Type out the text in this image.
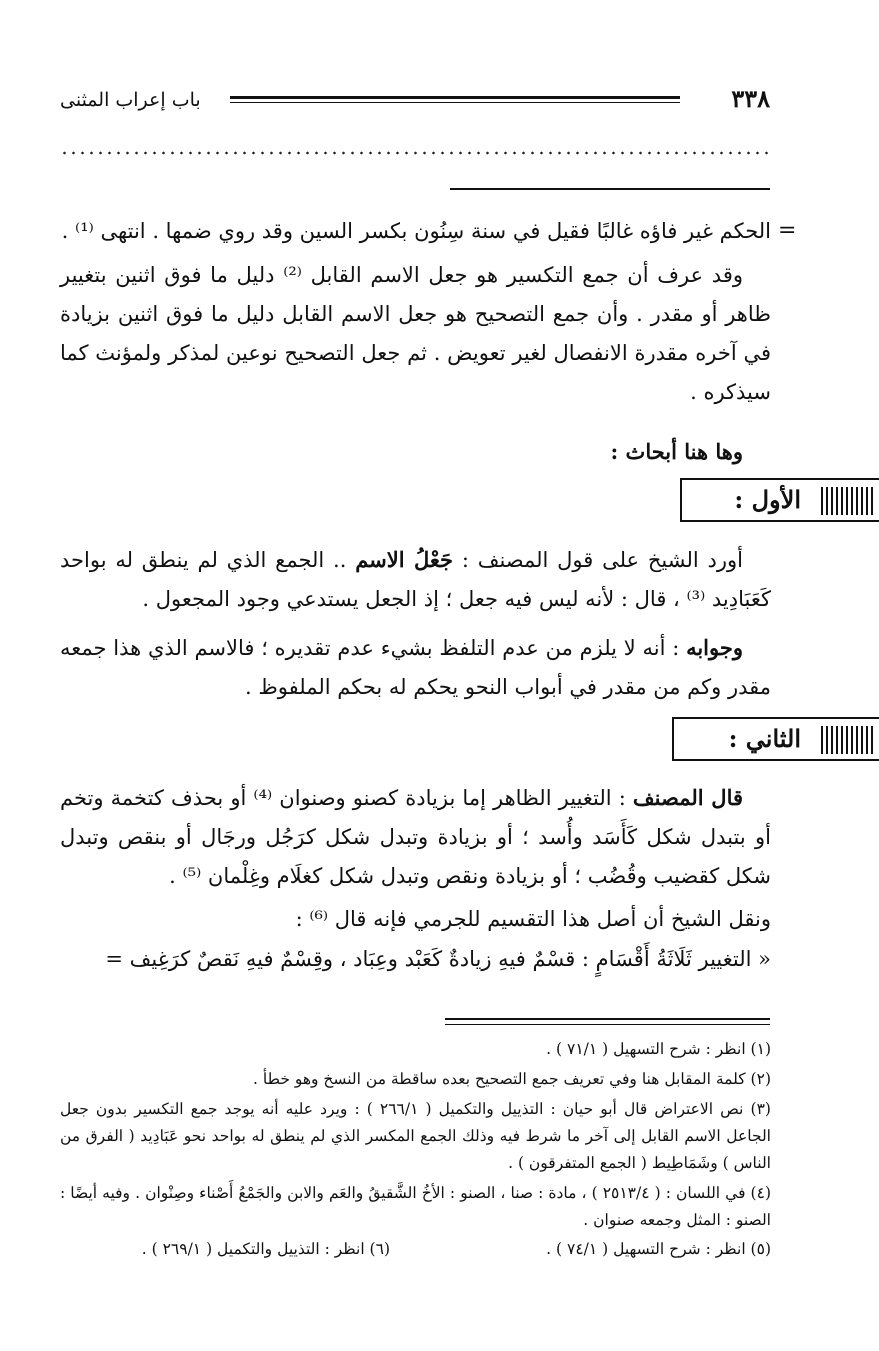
٣٣٨
باب إعراب المثنى
=
الحكم غير فاؤه غالبًا فقيل في سنة سِنُون بكسر السين وقد روي ضمها . انتهى ⁽¹⁾ .
وقد عرف أن جمع التكسير هو جعل الاسم القابل ⁽²⁾ دليل ما فوق اثنين بتغيير ظاهر أو مقدر . وأن جمع التصحيح هو جعل الاسم القابل دليل ما فوق اثنين بزيادة في آخره مقدرة الانفصال لغير تعويض . ثم جعل التصحيح نوعين لمذكر ولمؤنث كما سيذكره .
وها هنا أبحاث :
الأول :
أورد الشيخ على قول المصنف : جَعْلُ الاسم .. الجمع الذي لم ينطق له بواحد كَعَبَادِيد ⁽³⁾ ، قال : لأنه ليس فيه جعل ؛ إذ الجعل يستدعي وجود المجعول .
وجوابه : أنه لا يلزم من عدم التلفظ بشيء عدم تقديره ؛ فالاسم الذي هذا جمعه مقدر وكم من مقدر في أبواب النحو يحكم له بحكم الملفوظ .
الثاني :
قال المصنف : التغيير الظاهر إما بزيادة كصنو وصنوان ⁽⁴⁾ أو بحذف كتخمة وتخم أو بتبدل شكل كَأَسَد وأُسد ؛ أو بزيادة وتبدل شكل كرَجُل ورجَال أو بنقص وتبدل شكل كقضيب وقُضُب ؛ أو بزيادة ونقص وتبدل شكل كغلَام وغِلْمان ⁽⁵⁾ .
ونقل الشيخ أن أصل هذا التقسيم للجرمي فإنه قال ⁽⁶⁾ :
« التغيير ثَلَاثَةُ أَقْسَامٍ : قسْمٌ فيهِ زيادةٌ كَعَبْد وعِبَاد ، وقِسْمٌ فيهِ نَقصٌ كرَغِيف =
(١) انظر : شرح التسهيل ( ٧١/١ ) .
(٢) كلمة المقابل هنا وفي تعريف جمع التصحيح بعده ساقطة من النسخ وهو خطأ .
(٣) نص الاعتراض قال أبو حيان : التذييل والتكميل ( ٢٦٦/١ ) : ويرد عليه أنه يوجد جمع التكسير بدون جعل الجاعل الاسم القابل إلى آخر ما شرط فيه وذلك الجمع المكسر الذي لم ينطق له بواحد نحو عَبَادِيد ( الفرق من الناس ) وشَمَاطِيط ( الجمع المتفرقون ) .
(٤) في اللسان : ( ٢٥١٣/٤ ) ، مادة : صنا ، الصنو : الأخُ الشَّقيقُ والعَم والابن والجَمْعُ أَصْناء وصِنْوان . وفيه أيضًا : الصنو : المثل وجمعه صنوان .
(٥) انظر : شرح التسهيل ( ٧٤/١ ) .
(٦) انظر : التذييل والتكميل ( ٢٦٩/١ ) .
